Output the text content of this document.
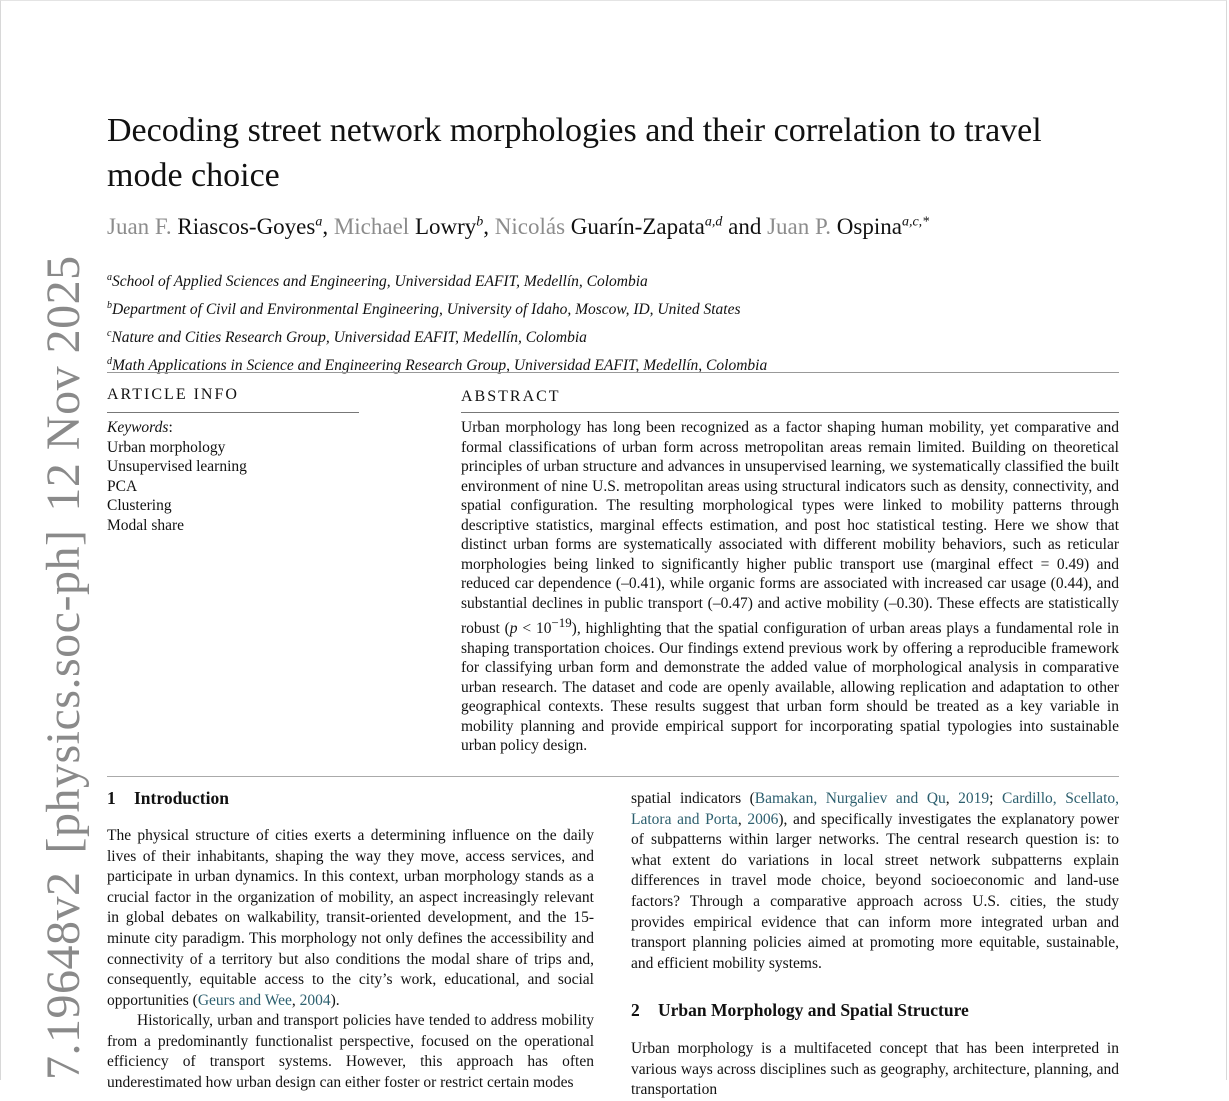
7.19648v2[physics.soc-ph]12 Nov 2025
Decoding street network morphologies and their correlation to travel mode choice
Juan F. Riascos-Goyes$^a$, Michael Lowry$^b$, Nicolás Guarín-Zapata$^{a,d}$ and Juan P. Ospina$^{a,c,*}$
$^a$School of Applied Sciences and Engineering, Universidad EAFIT, Medellín, Colombia
$^b$Department of Civil and Environmental Engineering, University of Idaho, Moscow, ID, United States
$^c$Nature and Cities Research Group, Universidad EAFIT, Medellín, Colombia
$^d$Math Applications in Science and Engineering Research Group, Universidad EAFIT, Medellín, Colombia
ARTICLE INFO
Keywords:
Urban morphology
Unsupervised learning
PCA
Clustering
Modal share
ABSTRACT

Urban morphology has long been recognized as a factor shaping human mobility, yet comparative and formal classifications of urban form across metropolitan areas remain limited. Building on theoretical principles of urban structure and advances in unsupervised learning, we systematically classified the built environment of nine U.S. metropolitan areas using structural indicators such as density, connectivity, and spatial configuration. The resulting morphological types were linked to mobility patterns through descriptive statistics, marginal effects estimation, and post hoc statistical testing. Here we show that distinct urban forms are systematically associated with different mobility behaviors, such as reticular morphologies being linked to significantly higher public transport use (marginal effect = 0.49) and reduced car dependence (–0.41), while organic forms are associated with increased car usage (0.44), and substantial declines in public transport (–0.47) and active mobility (–0.30). These effects are statistically robust $(p < 10^{-19})$, highlighting that the spatial configuration of urban areas plays a fundamental role in shaping transportation choices. Our findings extend previous work by offering a reproducible framework for classifying urban form and demonstrate the added value of morphological analysis in comparative urban research. The dataset and code are openly available, allowing replication and adaptation to other geographical contexts. These results suggest that urban form should be treated as a key variable in mobility planning and provide empirical support for incorporating spatial typologies into sustainable urban policy design.

1 Introduction

The physical structure of cities exerts a determining influence on the daily lives of their inhabitants, shaping the way they move, access services, and participate in urban dynamics. In this context, urban morphology stands as a crucial factor in the organization of mobility, an aspect increasingly relevant in global debates on walkability, transit-oriented development, and the 15-minute city paradigm. This morphology not only defines the accessibility and connectivity of a territory but also conditions the modal share of trips and, consequently, equitable access to the city’s work, educational, and social opportunities (Geurs and Wee, 2004).

Historically, urban and transport policies have tended to address mobility from a predominantly functionalist perspective, focused on the operational efficiency of transport systems. However, this approach has often underestimated how urban design can either foster or restrict certain modes

spatial indicators (Bamakan, Nurgaliev and Qu, 2019; Cardillo, Scellato, Latora and Porta, 2006), and specifically investigates the explanatory power of subpatterns within larger networks. The central research question is: to what extent do variations in local street network subpatterns explain differences in travel mode choice, beyond socioeconomic and land-use factors? Through a comparative approach across U.S. cities, the study provides empirical evidence that can inform more integrated urban and transport planning policies aimed at promoting more equitable, sustainable, and efficient mobility systems.

2 Urban Morphology and Spatial Structure

Urban morphology is a multifaceted concept that has been interpreted in various ways across disciplines such as geography, architecture, planning, and transportation
